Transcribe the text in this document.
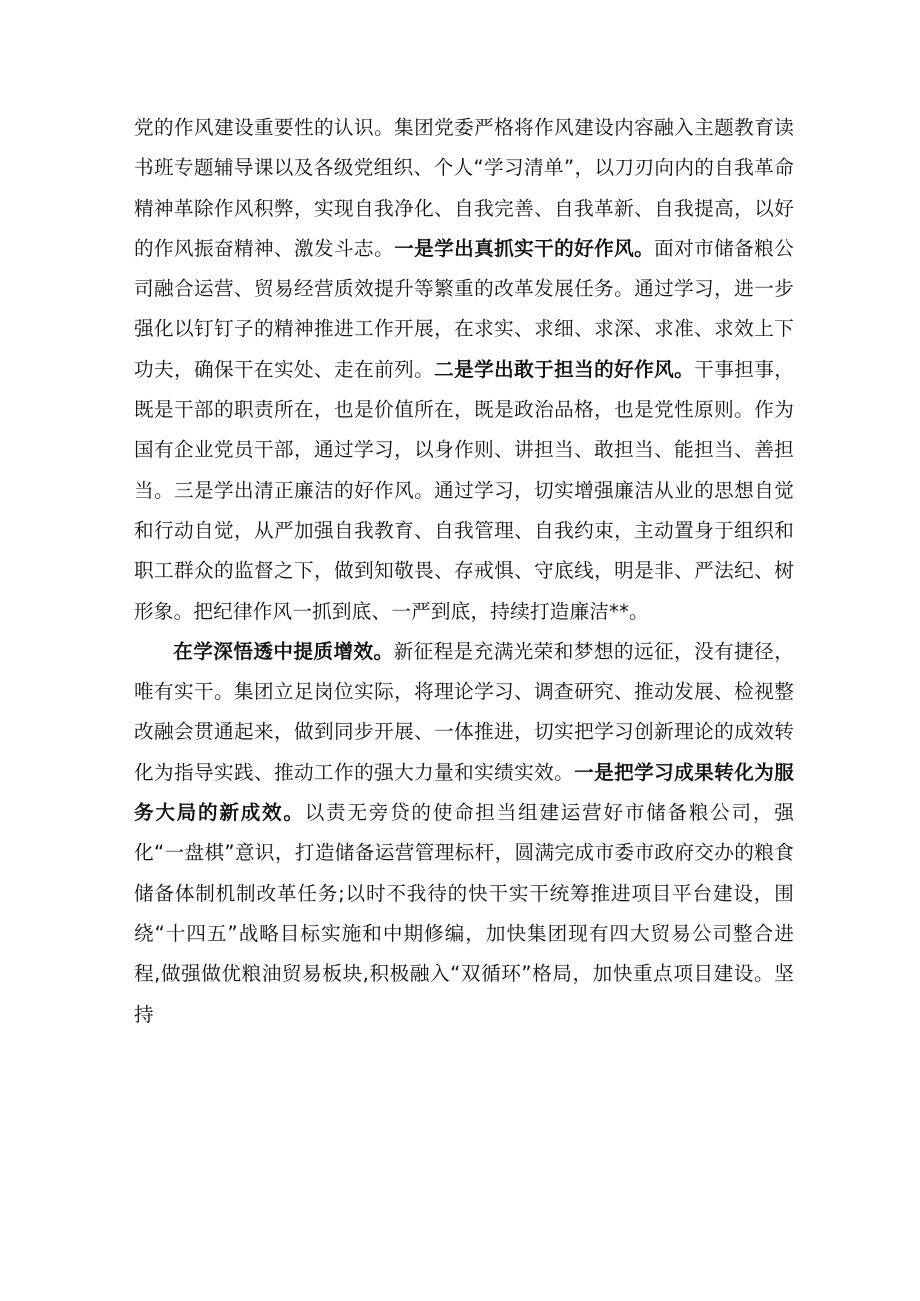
党的作风建设重要性的认识。集团党委严格将作风建设内容融入主题教育读书班专题辅导课以及各级党组织、个人“学习清单”，以刀刃向内的自我革命精神革除作风积弊，实现自我净化、自我完善、自我革新、自我提高，以好的作风振奋精神、激发斗志。一是学出真抓实干的好作风。面对市储备粮公司融合运营、贸易经营质效提升等繁重的改革发展任务。通过学习，进一步强化以钉钉子的精神推进工作开展，在求实、求细、求深、求准、求效上下功夫，确保干在实处、走在前列。二是学出敢于担当的好作风。干事担事，既是干部的职责所在，也是价值所在，既是政治品格，也是党性原则。作为国有企业党员干部，通过学习，以身作则、讲担当、敢担当、能担当、善担当。三是学出清正廉洁的好作风。通过学习，切实增强廉洁从业的思想自觉和行动自觉，从严加强自我教育、自我管理、自我约束，主动置身于组织和职工群众的监督之下，做到知敬畏、存戒惧、守底线，明是非、严法纪、树形象。把纪律作风一抓到底、一严到底，持续打造廉洁**。

在学深悟透中提质增效。新征程是充满光荣和梦想的远征，没有捷径，唯有实干。集团立足岗位实际，将理论学习、调查研究、推动发展、检视整改融会贯通起来，做到同步开展、一体推进，切实把学习创新理论的成效转化为指导实践、推动工作的强大力量和实绩实效。一是把学习成果转化为服务大局的新成效。以责无旁贷的使命担当组建运营好市储备粮公司，强化“一盘棋”意识，打造储备运营管理标杆，圆满完成市委市政府交办的粮食储备体制机制改革任务;以时不我待的快干实干统筹推进项目平台建设，围绕“十四五”战略目标实施和中期修编，加快集团现有四大贸易公司整合进程,做强做优粮油贸易板块,积极融入“双循环”格局，加快重点项目建设。坚持
